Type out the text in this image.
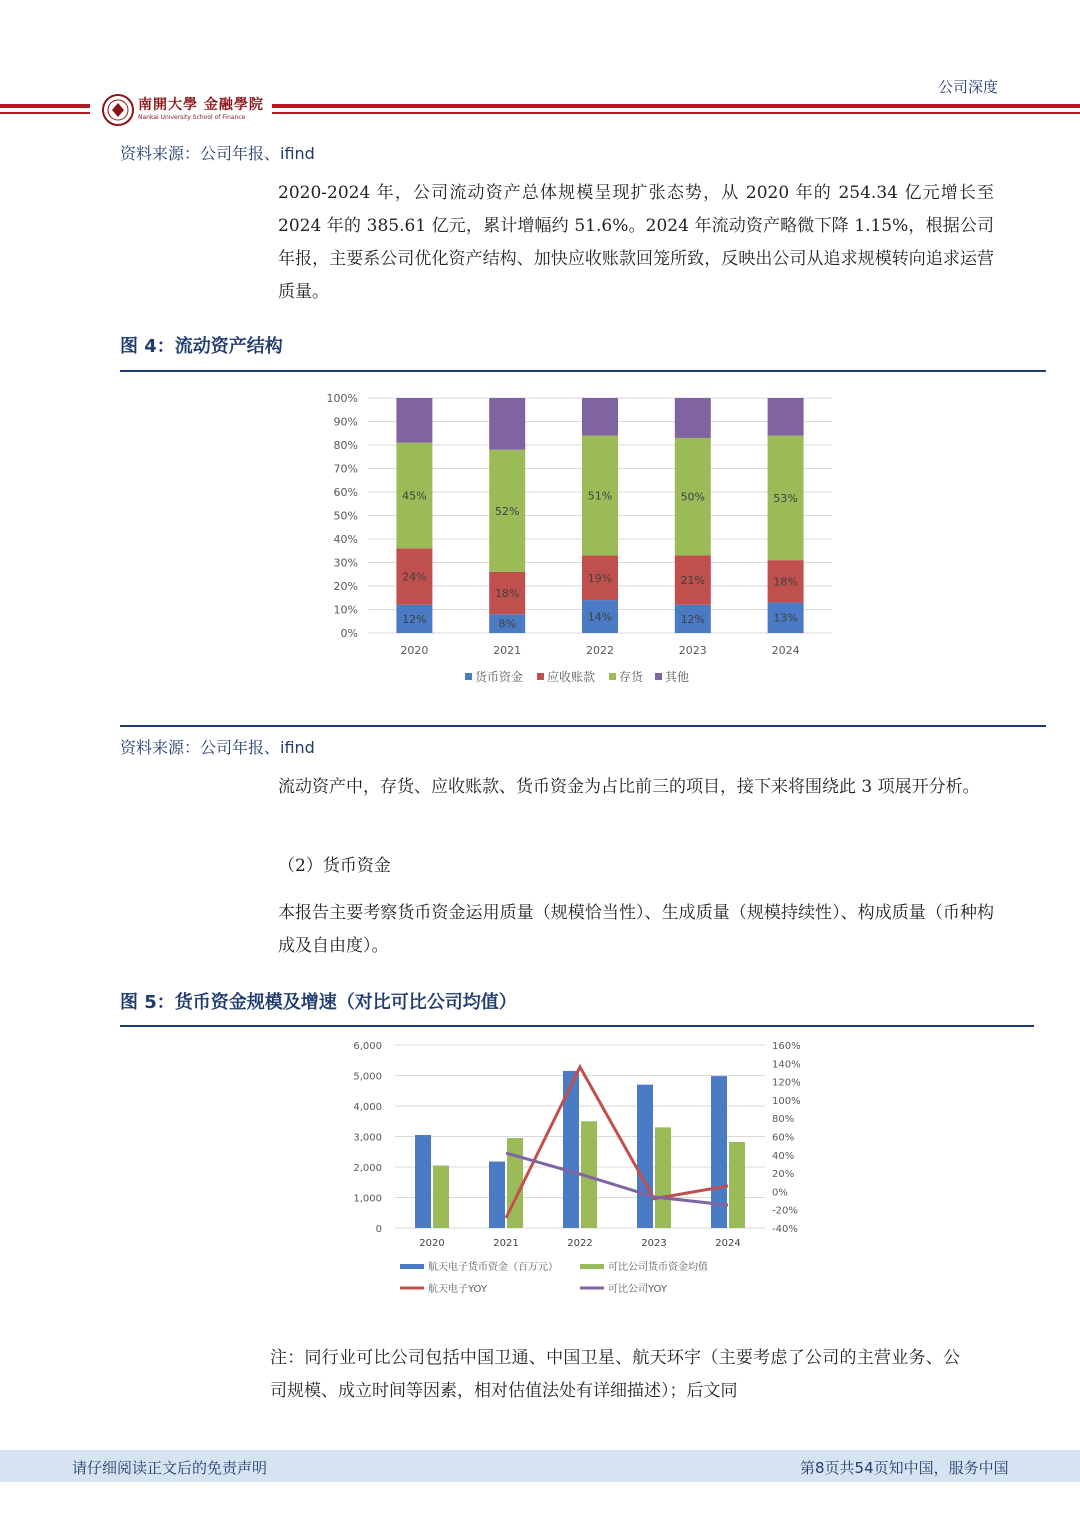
公司深度
南開大學 金融學院
Nankai University School of Finance
资料来源：公司年报、ifind
2020-2024 年，公司流动资产总体规模呈现扩张态势，从 2020 年的 254.34 亿元增长至 2024 年的 385.61 亿元，累计增幅约 51.6%。2024 年流动资产略微下降 1.15%，根据公司年报，主要系公司优化资产结构、加快应收账款回笼所致，反映出公司从追求规模转向追求运营质量。
图 4：流动资产结构
0%
10%
20%
30%
40%
50%
60%
70%
80%
90%
100%
12%
24%
45%
2020
8%
18%
52%
2021
14%
19%
51%
2022
12%
21%
50%
2023
13%
18%
53%
2024
货币资金 应收账款 存货 其他
资料来源：公司年报、ifind
流动资产中，存货、应收账款、货币资金为占比前三的项目，接下来将围绕此 3 项展开分析。
（2）货币资金
本报告主要考察货币资金运用质量（规模恰当性）、生成质量（规模持续性）、构成质量（币种构成及自由度）。
图 5：货币资金规模及增速（对比可比公司均值）
0
1,000
2,000
3,000
4,000
5,000
6,000
-40%
-20%
0%
20%
40%
60%
80%
100%
120%
140%
160%
2020	2021	2022	2023	2024
航天电子货币资金（百万元）	可比公司货币资金均值
航天电子YOY	可比公司YOY
注：同行业可比公司包括中国卫通、中国卫星、航天环宇（主要考虑了公司的主营业务、公司规模、成立时间等因素，相对估值法处有详细描述）；后文同
请仔细阅读正文后的免责声明	第8页共54页知中国，服务中国
